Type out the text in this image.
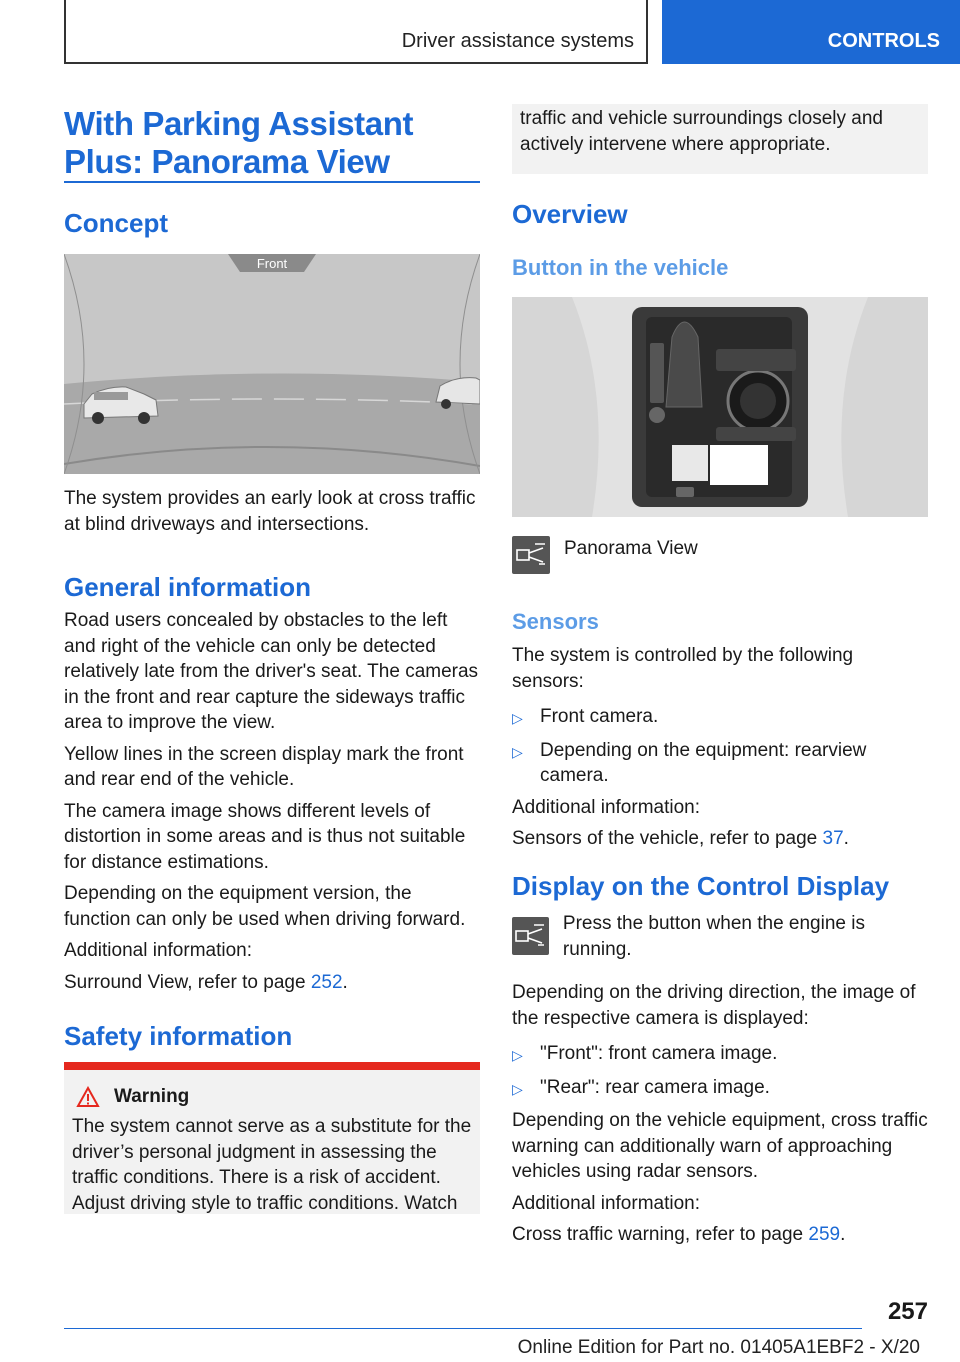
Driver assistance systems	CONTROLS
With Parking Assistant
Plus: Panorama View
Concept
Front

The system provides an early look at cross traffic at blind driveways and intersections.

General information

Road users concealed by obstacles to the left and right of the vehicle can only be detected relatively late from the driver's seat. The cameras in the front and rear capture the sideways traffic area to improve the view.

Yellow lines in the screen display mark the front and rear end of the vehicle.

The camera image shows different levels of distortion in some areas and is thus not suitable for distance estimations.

Depending on the equipment version, the function can only be used when driving forward.

Additional information:

Surround View, refer to page 252.

Safety information
Warning

The system cannot serve as a substitute for the driver’s personal judgment in assessing the traffic conditions. There is a risk of accident. Adjust driving style to traffic conditions. Watch

traffic and vehicle surroundings closely and actively intervene where appropriate.

Overview
Button in the vehicle

Panorama View

Sensors

The system is controlled by the following sensors:

▷ Front camera.
▷ Depending on the equipment: rearview camera.

Additional information:

Sensors of the vehicle, refer to page 37.

Display on the Control Display

Press the button when the engine is running.

Depending on the driving direction, the image of the respective camera is displayed:

▷ "Front": front camera image.
▷ "Rear": rear camera image.

Depending on the vehicle equipment, cross traffic warning can additionally warn of approaching vehicles using radar sensors.

Additional information:

Cross traffic warning, refer to page 259.

257
Online Edition for Part no. 01405A1EBF2 - X/20
